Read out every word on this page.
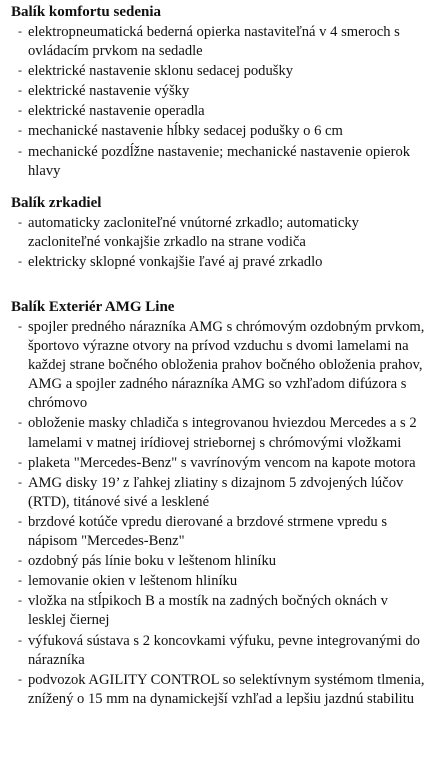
Balík komfortu sedenia
- elektropneumatická bederná opierka nastaviteľná v 4 smeroch s ovládacím prvkom na sedadle
- elektrické nastavenie sklonu sedacej podušky
- elektrické nastavenie výšky
- elektrické nastavenie operadla
- mechanické nastavenie hĺbky sedacej podušky o 6 cm
- mechanické pozdĺžne nastavenie; mechanické nastavenie opierok hlavy
Balík zrkadiel
- automaticky zacloniteľné vnútorné zrkadlo; automaticky zacloniteľné vonkajšie zrkadlo na strane vodiča
- elektricky sklopné vonkajšie ľavé aj pravé zrkadlo
Balík Exteriér AMG Line
- spojler predného nárazníka AMG s chrómovým ozdobným prvkom, športovo výrazne otvory na prívod vzduchu s dvomi lamelami na každej strane bočného obloženia prahov bočného obloženia prahov, AMG a spojler zadného nárazníka AMG so vzhľadom difúzora s chrómovo
- obloženie masky chladiča s integrovanou hviezdou Mercedes a s 2 lamelami v matnej irídiovej striebornej s chrómovými vložkami
- plaketa "Mercedes-Benz" s vavrínovým vencom na kapote motora
- AMG disky 19’ z ľahkej zliatiny s dizajnom 5 zdvojených lúčov (RTD), titánové sivé a lesklené
- brzdové kotúče vpredu dierované a brzdové strmene vpredu s nápisom "Mercedes-Benz"
- ozdobný pás línie boku v leštenom hliníku
- lemovanie okien v leštenom hliníku
- vložka na stĺpikoch B a mostík na zadných bočných oknách v lesklej čiernej
- výfuková sústava s 2 koncovkami výfuku, pevne integrovanými do nárazníka
- podvozok AGILITY CONTROL so selektívnym systémom tlmenia, znížený o 15 mm na dynamickejší vzhľad a lepšiu jazdnú stabilitu
